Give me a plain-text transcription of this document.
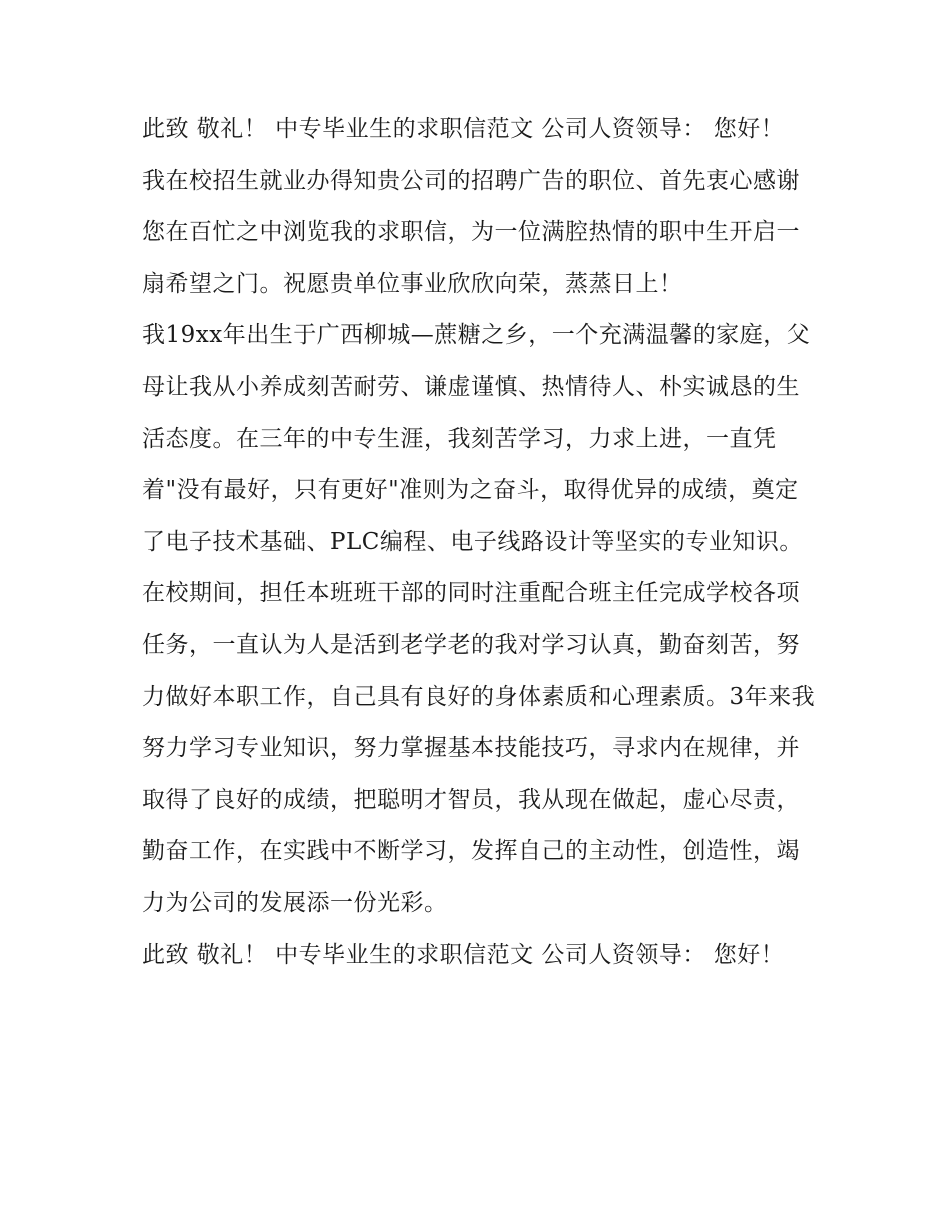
此致 敬礼！ 中专毕业生的求职信范文 公司人资领导： 您好！

我在校招生就业办得知贵公司的招聘广告的职位、首先衷心感谢您在百忙之中浏览我的求职信，为一位满腔热情的职中生开启一扇希望之门。祝愿贵单位事业欣欣向荣，蒸蒸日上！

我19xx年出生于广西柳城—蔗糖之乡，一个充满温馨的家庭，父母让我从小养成刻苦耐劳、谦虚谨慎、热情待人、朴实诚恳的生活态度。在三年的中专生涯，我刻苦学习，力求上进，一直凭着"没有最好，只有更好"准则为之奋斗，取得优异的成绩，奠定了电子技术基础、PLC编程、电子线路设计等坚实的专业知识。

在校期间，担任本班班干部的同时注重配合班主任完成学校各项任务，一直认为人是活到老学老的我对学习认真，勤奋刻苦，努力做好本职工作，自己具有良好的身体素质和心理素质。3年来我努力学习专业知识，努力掌握基本技能技巧，寻求内在规律，并取得了良好的成绩，把聪明才智员，我从现在做起，虚心尽责，勤奋工作，在实践中不断学习，发挥自己的主动性，创造性，竭力为公司的发展添一份光彩。

此致 敬礼！ 中专毕业生的求职信范文 公司人资领导： 您好！
